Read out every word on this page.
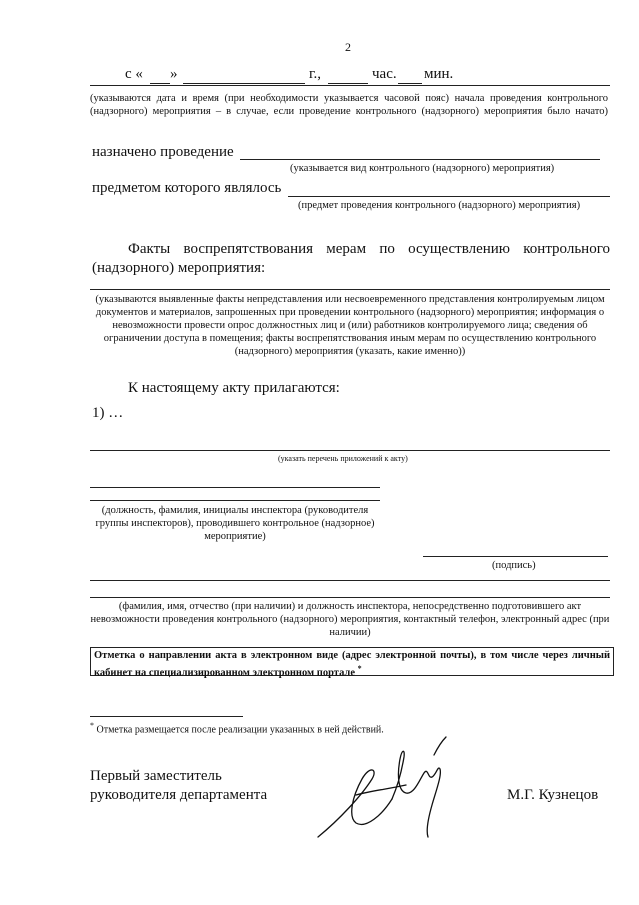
2
с « »	г.,	час. мин.
(указываются дата и время (при необходимости указывается часовой пояс) начала проведения контрольного (надзорного) мероприятия – в случае, если проведение контрольного (надзорного) мероприятия было начато)
назначено проведение
(указывается вид контрольного (надзорного) мероприятия)
предметом которого являлось
(предмет проведения контрольного (надзорного) мероприятия)
Факты воспрепятствования мерам по осуществлению контрольного
(надзорного) мероприятия:
(указываются выявленные факты непредставления или несвоевременного представления контролируемым лицом документов и материалов, запрошенных при проведении контрольного (надзорного) мероприятия; информация о невозможности провести опрос должностных лиц и (или) работников контролируемого лица; сведения об ограничении доступа в помещения; факты воспрепятствования иным мерам по осуществлению контрольного (надзорного) мероприятия (указать, какие именно))
К настоящему акту прилагаются:
1) …
(указать перечень приложений к акту)
(должность, фамилия, инициалы инспектора (руководителя группы инспекторов), проводившего контрольное (надзорное) мероприятие)
(подпись)
(фамилия, имя, отчество (при наличии) и должность инспектора, непосредственно подготовившего акт невозможности проведения контрольного (надзорного) мероприятия, контактный телефон, электронный адрес (при наличии)
Отметка о направлении акта в электронном виде (адрес электронной почты), в том числе через личный кабинет на специализированном электронном портале *
* Отметка размещается после реализации указанных в ней действий.
Первый заместитель
руководителя департамента	М.Г. Кузнецов
